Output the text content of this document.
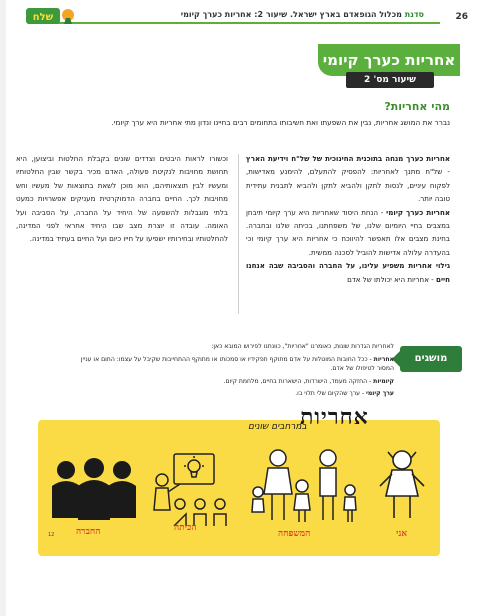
שלח	סדנת מכלול הגופאדם בארץ ישראל. שיעור 2: אחריות כערך קיומי	26
אחריות כערך קיומי
שיעור מס' 2
מהי אחריות?
נברר את המושג אחריות, נבין את השפעתו ואת חשיבותו בתחומים רבים בחיינו ונדון מתי אחריות היא ערך קיומי.
אחריות כערך מנחה בתוכנית החינוכית של של"ח וידיעת הארץ - של"ח מתנך לאחריות: להפסיק להתעלם, להימנע מאדישות, לפקוח עיניים, לנסות לתקן ולהביא לתקן ולהביא לתבנית עתידית טובה יותר.
אחריות כערך קיומי - הנחת היסוד שאחריות היא ערך קיומי תיבחן במצבים בחיי היומיום שלנו, של משפחתנו, בכיתה שלנו ובחברה. בחינת מצבים אלו תאפשר להיווכח כי אחריות היא ערך קיומי וכי בהעדרה עלולה אדישות להוביל לסכנה ממשית.
גילוי אחריות משפיע עלינו, על החברה והסביבה שבה אנחנו חיים - אחריות היא יכולתו של אדם
וכשורו לראות היבטים וצדדים שונים בקבלת החלטות וביצוען, היא תחושת מחויבות לנקיטת פעולה, האדם מכיר בקשר שבין החלטותיו ומעשיו לבין תוצאותיהם, הוא מוכן לשאת בתוצאות של מעשיו וחש מחויבות לכך. החיים בחברה הדמוקרטית מעניקים אפשרויות כמעט בלתי מוגבלות להשפעה של היחיד על החברה, על הסביבה ועל האומה. עובדה זו יוצרת מצב שבו היחיד אחראי לפני המדינה, להחלטותיו ובחירותיו ישפיעו על חייו כיום ועל החיים בעתיד במדינה.
מושגים

לאחריות הגדרות שונות, כאומרנו "אחריות", כוונתנו לפירוש המובא כאן:

אחריות - ככל החובות המוטלות על אדם מתוקף תפקידיו או סמכותו או מתוקף ההתחייבות שקיבל על עצמו: התום או עניין המסור לטיפולו של אדם.

קיומיות - החזקה מעמד, הישרדות, הישארות בחיים, מלחמת קיום.

ערך קיומי - ערך שהקיום שלי תלוי בו.

אחריות
במרחבים שונים
אני
המשפחה
הכיתה
החברה
12
